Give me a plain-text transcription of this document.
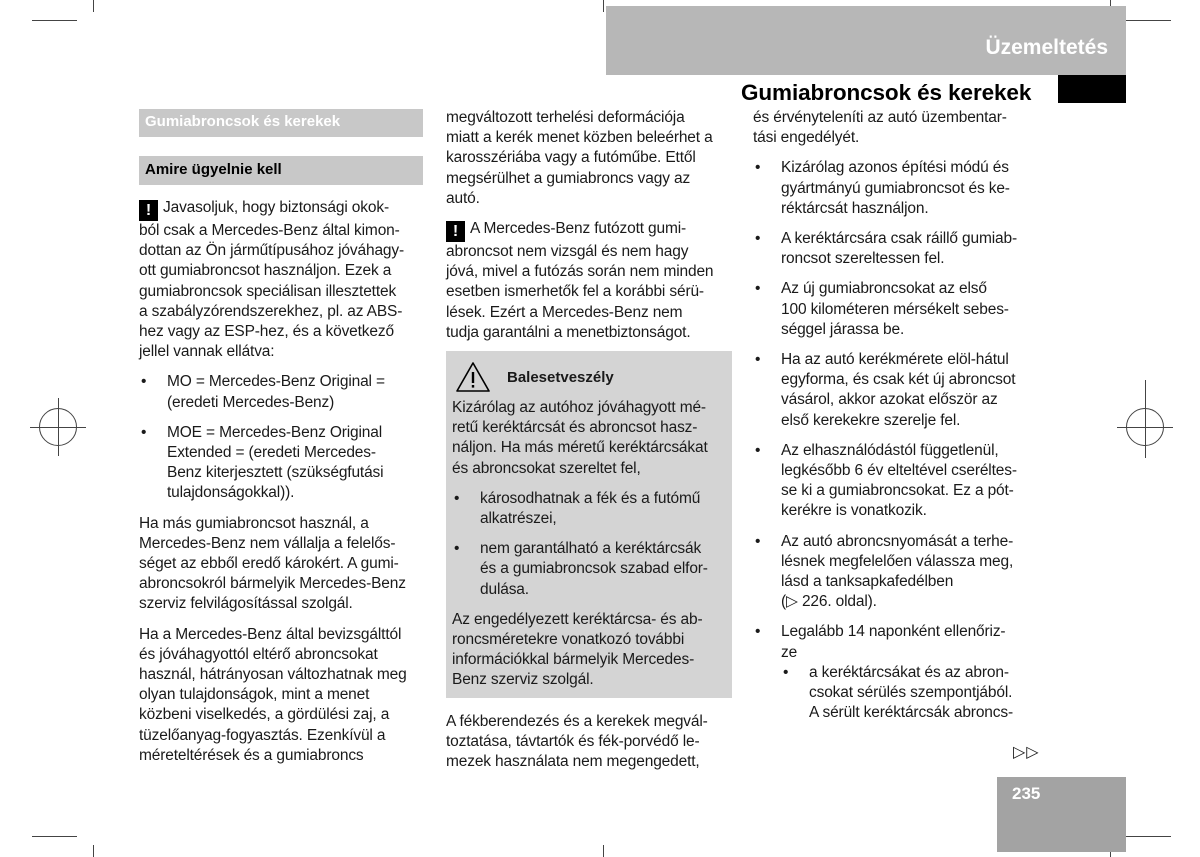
Üzemeltetés
Gumiabroncsok és kerekek
Gumiabroncsok és kerekek
Amire ügyelnie kell

! Javasoljuk, hogy biztonsági okok-
ból csak a Mercedes-Benz által kimon-
dottan az Ön járműtípusához jóváhagy-
ott gumiabroncsot használjon. Ezek a
gumiabroncsok speciálisan illesztettek
a szabályzórendszerekhez, pl. az ABS-
hez vagy az ESP-hez, és a következő
jellel vannak ellátva:

• MO = Mercedes-Benz Original =
(eredeti Mercedes-Benz)
• MOE = Mercedes-Benz Original
Extended = (eredeti Mercedes-
Benz kiterjesztett (szükségfutási
tulajdonságokkal)).

Ha más gumiabroncsot használ, a
Mercedes-Benz nem vállalja a felelős-
séget az ebből eredő károkért. A gumi-
abroncsokról bármelyik Mercedes-Benz
szerviz felvilágosítással szolgál.

Ha a Mercedes-Benz által bevizsgálttól
és jóváhagyottól eltérő abroncsokat
használ, hátrányosan változhatnak meg
olyan tulajdonságok, mint a menet
közbeni viselkedés, a gördülési zaj, a
tüzelőanyag-fogyasztás. Ezenkívül a
méreteltérések és a gumiabroncs

megváltozott terhelési deformációja
miatt a kerék menet közben beleérhet a
karosszériába vagy a futóműbe. Ettől
megsérülhet a gumiabroncs vagy az
autó.

! A Mercedes-Benz futózott gumi-
abroncsot nem vizsgál és nem hagy
jóvá, mivel a futózás során nem minden
esetben ismerhetők fel a korábbi sérü-
lések. Ezért a Mercedes-Benz nem
tudja garantálni a menetbiztonságot.

Balesetveszély

Kizárólag az autóhoz jóváhagyott mé-
retű keréktárcsát és abroncsot hasz-
náljon. Ha más méretű keréktárcsákat
és abroncsokat szereltet fel,

• károsodhatnak a fék és a futómű
alkatrészei,
• nem garantálható a keréktárcsák
és a gumiabroncsok szabad elfor-
dulása.

Az engedélyezett keréktárcsa- és ab-
roncsméretekre vonatkozó további
információkkal bármelyik Mercedes-
Benz szerviz szolgál.

A fékberendezés és a kerekek megvál-
toztatása, távtartók és fék-porvédő le-
mezek használata nem megengedett,

és érvényteleníti az autó üzembentar-
tási engedélyét.

• Kizárólag azonos építési módú és
gyártmányú gumiabroncsot és ke-
réktárcsát használjon.
• A keréktárcsára csak ráillő gumiab-
roncsot szereltessen fel.
• Az új gumiabroncsokat az első
100 kilométeren mérsékelt sebes-
séggel járassa be.
• Ha az autó kerékmérete elöl-hátul
egyforma, és csak két új abroncsot
vásárol, akkor azokat először az
első kerekekre szerelje fel.
• Az elhasználódástól függetlenül,
legkésőbb 6 év elteltével cseréltes-
se ki a gumiabroncsokat. Ez a pót-
kerékre is vonatkozik.
• Az autó abroncsnyomását a terhe-
lésnek megfelelően válassza meg,
lásd a tanksapkafedélben
(▷ 226. oldal).
• Legalább 14 naponként ellenőriz-
ze
• a keréktárcsákat és az abron-
csokat sérülés szempontjából.
A sérült keréktárcsák abroncs-
▷▷
235
